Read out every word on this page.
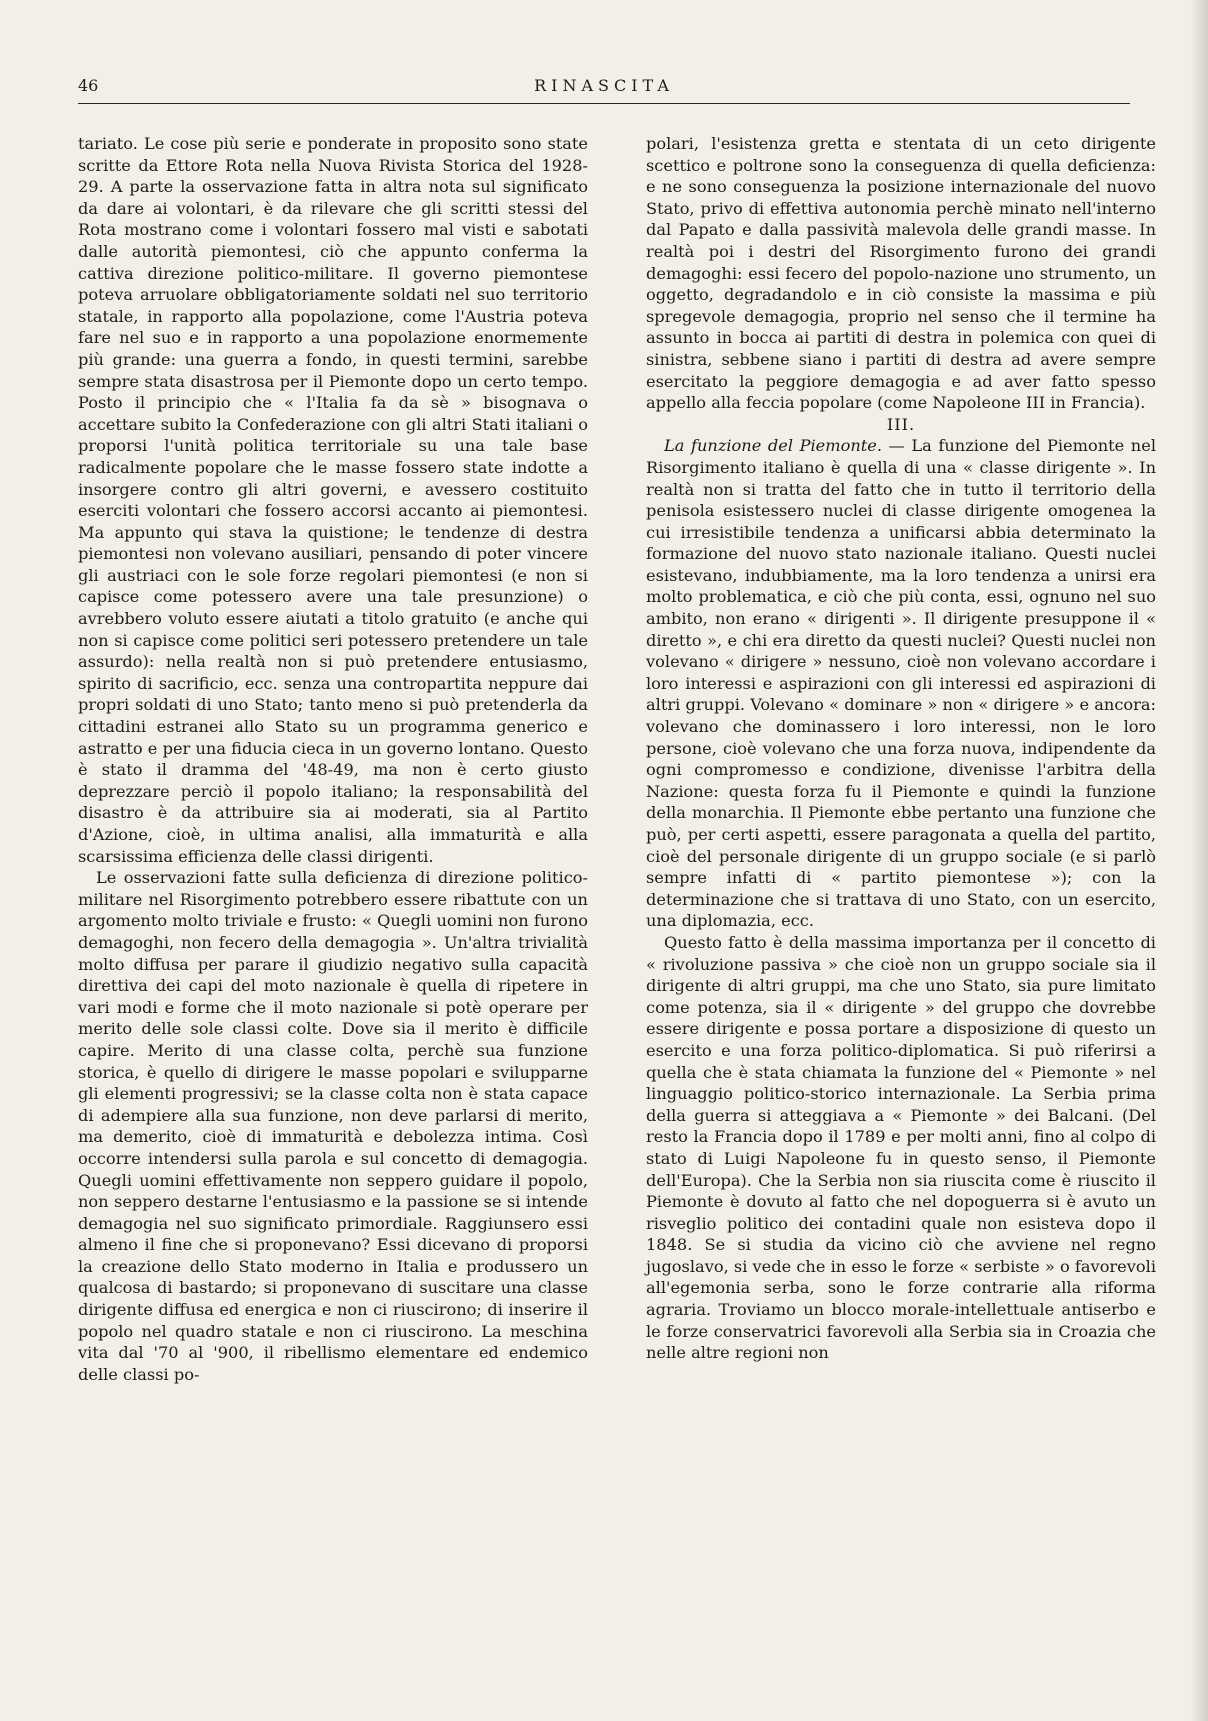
46	RINASCITA

tariato. Le cose più serie e ponderate in proposito sono state scritte da Ettore Rota nella Nuova Rivista Storica del 1928-29. A parte la osservazione fatta in altra nota sul significato da dare ai volontari, è da rilevare che gli scritti stessi del Rota mostrano come i volontari fossero mal visti e sabotati dalle autorità piemontesi, ciò che appunto conferma la cattiva direzione politico-militare. Il governo piemontese poteva arruolare obbligatoriamente soldati nel suo territorio statale, in rapporto alla popolazione, come l'Austria poteva fare nel suo e in rapporto a una popolazione enormemente più grande: una guerra a fondo, in questi termini, sarebbe sempre stata disastrosa per il Piemonte dopo un certo tempo. Posto il principio che « l'Italia fa da sè » bisognava o accettare subito la Confederazione con gli altri Stati italiani o proporsi l'unità politica territoriale su una tale base radicalmente popolare che le masse fossero state indotte a insorgere contro gli altri governi, e avessero costituito eserciti volontari che fossero accorsi accanto ai piemontesi. Ma appunto qui stava la quistione; le tendenze di destra piemontesi non volevano ausiliari, pensando di poter vincere gli austriaci con le sole forze regolari piemontesi (e non si capisce come potessero avere una tale presunzione) o avrebbero voluto essere aiutati a titolo gratuito (e anche qui non si capisce come politici seri potessero pretendere un tale assurdo): nella realtà non si può pretendere entusiasmo, spirito di sacrificio, ecc. senza una contropartita neppure dai propri soldati di uno Stato; tanto meno si può pretenderla da cittadini estranei allo Stato su un programma generico e astratto e per una fiducia cieca in un governo lontano. Questo è stato il dramma del '48-49, ma non è certo giusto deprezzare perciò il popolo italiano; la responsabilità del disastro è da attribuire sia ai moderati, sia al Partito d'Azione, cioè, in ultima analisi, alla immaturità e alla scarsissima efficienza delle classi dirigenti.

Le osservazioni fatte sulla deficienza di direzione politico-militare nel Risorgimento potrebbero essere ribattute con un argomento molto triviale e frusto: « Quegli uomini non furono demagoghi, non fecero della demagogia ». Un'altra trivialità molto diffusa per parare il giudizio negativo sulla capacità direttiva dei capi del moto nazionale è quella di ripetere in vari modi e forme che il moto nazionale si potè operare per merito delle sole classi colte. Dove sia il merito è difficile capire. Merito di una classe colta, perchè sua funzione storica, è quello di dirigere le masse popolari e svilupparne gli elementi progressivi; se la classe colta non è stata capace di adempiere alla sua funzione, non deve parlarsi di merito, ma demerito, cioè di immaturità e debolezza intima. Così occorre intendersi sulla parola e sul concetto di demagogia. Quegli uomini effettivamente non seppero guidare il popolo, non seppero destarne l'entusiasmo e la passione se si intende demagogia nel suo significato primordiale. Raggiunsero essi almeno il fine che si proponevano? Essi dicevano di proporsi la creazione dello Stato moderno in Italia e produssero un qualcosa di bastardo; si proponevano di suscitare una classe dirigente diffusa ed energica e non ci riuscirono; di inserire il popolo nel quadro statale e non ci riuscirono. La meschina vita dal '70 al '900, il ribellismo elementare ed endemico delle classi po-

polari, l'esistenza gretta e stentata di un ceto dirigente scettico e poltrone sono la conseguenza di quella deficienza: e ne sono conseguenza la posizione internazionale del nuovo Stato, privo di effettiva autonomia perchè minato nell'interno dal Papato e dalla passività malevola delle grandi masse. In realtà poi i destri del Risorgimento furono dei grandi demagoghi: essi fecero del popolo-nazione uno strumento, un oggetto, degradandolo e in ciò consiste la massima e più spregevole demagogia, proprio nel senso che il termine ha assunto in bocca ai partiti di destra in polemica con quei di sinistra, sebbene siano i partiti di destra ad avere sempre esercitato la peggiore demagogia e ad aver fatto spesso appello alla feccia popolare (come Napoleone III in Francia).

III.

La funzione del Piemonte. — La funzione del Piemonte nel Risorgimento italiano è quella di una « classe dirigente ». In realtà non si tratta del fatto che in tutto il territorio della penisola esistessero nuclei di classe dirigente omogenea la cui irresistibile tendenza a unificarsi abbia determinato la formazione del nuovo stato nazionale italiano. Questi nuclei esistevano, indubbiamente, ma la loro tendenza a unirsi era molto problematica, e ciò che più conta, essi, ognuno nel suo ambito, non erano « dirigenti ». Il dirigente presuppone il « diretto », e chi era diretto da questi nuclei? Questi nuclei non volevano « dirigere » nessuno, cioè non volevano accordare i loro interessi e aspirazioni con gli interessi ed aspirazioni di altri gruppi. Volevano « dominare » non « dirigere » e ancora: volevano che dominassero i loro interessi, non le loro persone, cioè volevano che una forza nuova, indipendente da ogni compromesso e condizione, divenisse l'arbitra della Nazione: questa forza fu il Piemonte e quindi la funzione della monarchia. Il Piemonte ebbe pertanto una funzione che può, per certi aspetti, essere paragonata a quella del partito, cioè del personale dirigente di un gruppo sociale (e si parlò sempre infatti di « partito piemontese »); con la determinazione che si trattava di uno Stato, con un esercito, una diplomazia, ecc.

Questo fatto è della massima importanza per il concetto di « rivoluzione passiva » che cioè non un gruppo sociale sia il dirigente di altri gruppi, ma che uno Stato, sia pure limitato come potenza, sia il « dirigente » del gruppo che dovrebbe essere dirigente e possa portare a disposizione di questo un esercito e una forza politico-diplomatica. Si può riferirsi a quella che è stata chiamata la funzione del « Piemonte » nel linguaggio politico-storico internazionale. La Serbia prima della guerra si atteggiava a « Piemonte » dei Balcani. (Del resto la Francia dopo il 1789 e per molti anni, fino al colpo di stato di Luigi Napoleone fu in questo senso, il Piemonte dell'Europa). Che la Serbia non sia riuscita come è riuscito il Piemonte è dovuto al fatto che nel dopoguerra si è avuto un risveglio politico dei contadini quale non esisteva dopo il 1848. Se si studia da vicino ciò che avviene nel regno jugoslavo, si vede che in esso le forze « serbiste » o favorevoli all'egemonia serba, sono le forze contrarie alla riforma agraria. Troviamo un blocco morale-intellettuale antiserbo e le forze conservatrici favorevoli alla Serbia sia in Croazia che nelle altre regioni non
